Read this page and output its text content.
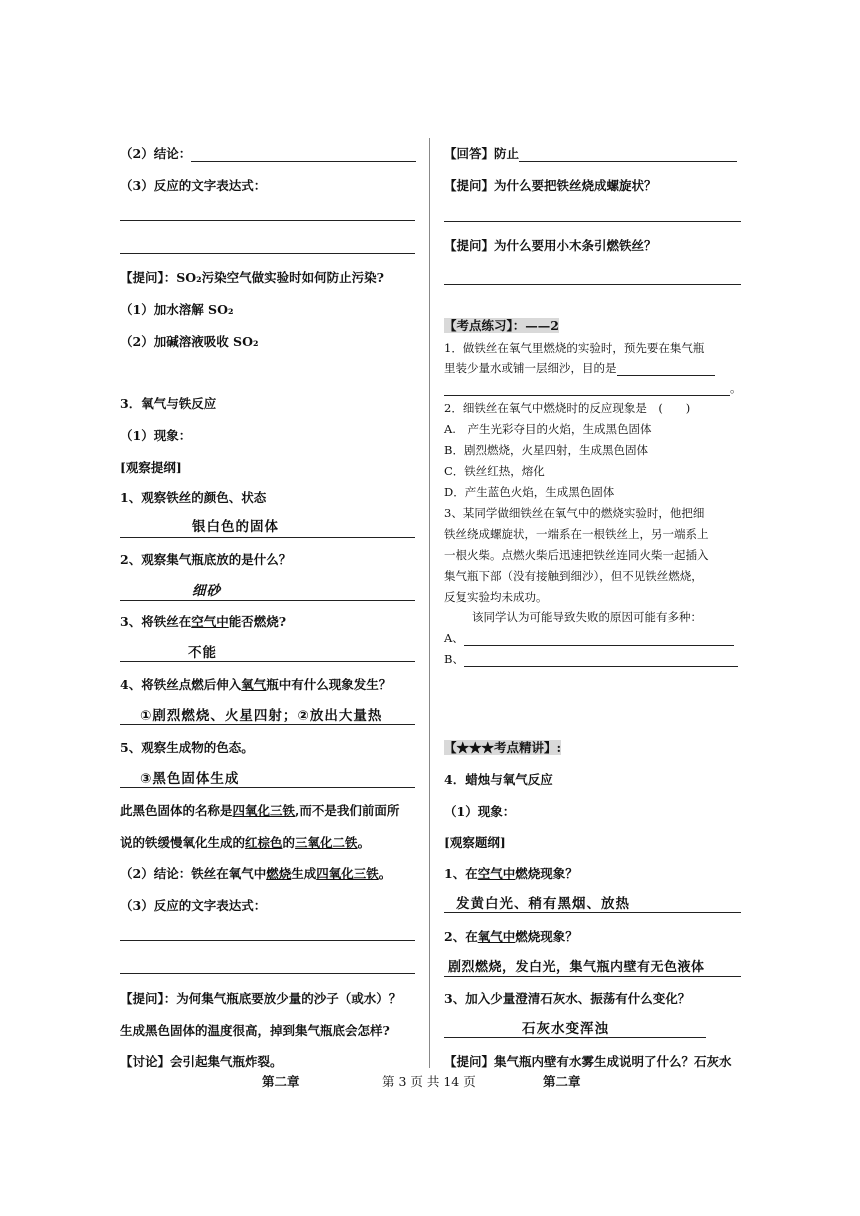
（2）结论：
（3）反应的文字表达式：
【提问】：SO₂污染空气做实验时如何防止污染?
（1）加水溶解 SO₂
（2）加碱溶液吸收 SO₂
3．氧气与铁反应
（1）现象：
[观察提纲]
1、观察铁丝的颜色、状态
银白色的固体
2、观察集气瓶底放的是什么？
细砂
3、将铁丝在空气中能否燃烧?
不能
4、将铁丝点燃后伸入氧气瓶中有什么现象发生？
①剧烈燃烧、火星四射；②放出大量热
5、观察生成物的色态。
③黑色固体生成
此黑色固体的名称是四氧化三铁,而不是我们前面所
说的铁缓慢氧化生成的红棕色的三氧化二铁。
（2）结论：铁丝在氧气中燃烧生成四氧化三铁。
（3）反应的文字表达式：
【提问】：为何集气瓶底要放少量的沙子（或水）？
生成黑色固体的温度很高，掉到集气瓶底会怎样?
【讨论】会引起集气瓶炸裂。
【回答】防止
【提问】为什么要把铁丝烧成螺旋状？
【提问】为什么要用小木条引燃铁丝？
【考点练习】：——2
1．做铁丝在氧气里燃烧的实验时，预先要在集气瓶
里装少量水或铺一层细沙，目的是
。
2．细铁丝在氧气中燃烧时的反应现象是　(　　)
A.　产生光彩夺目的火焰，生成黑色固体
B．剧烈燃烧，火星四射，生成黑色固体
C．铁丝红热，熔化
D．产生蓝色火焰，生成黑色固体
3、某同学做细铁丝在氧气中的燃烧实验时，他把细
铁丝绕成螺旋状，一端系在一根铁丝上，另一端系上
一根火柴。点燃火柴后迅速把铁丝连同火柴一起插入
集气瓶下部（没有接触到细沙），但不见铁丝燃烧，
反复实验均未成功。
该同学认为可能导致失败的原因可能有多种：
A、
B、
【★★★考点精讲】:
4．蜡烛与氧气反应
（1）现象：
[观察题纲]
1、在空气中燃烧现象？
发黄白光、稍有黑烟、放热
2、在氧气中燃烧现象？
剧烈燃烧，发白光，集气瓶内壁有无色液体
3、加入少量澄清石灰水、振荡有什么变化？
石灰水变浑浊
【提问】集气瓶内壁有水雾生成说明了什么？石灰水
第二章	第 3 页 共 14 页	第二章
